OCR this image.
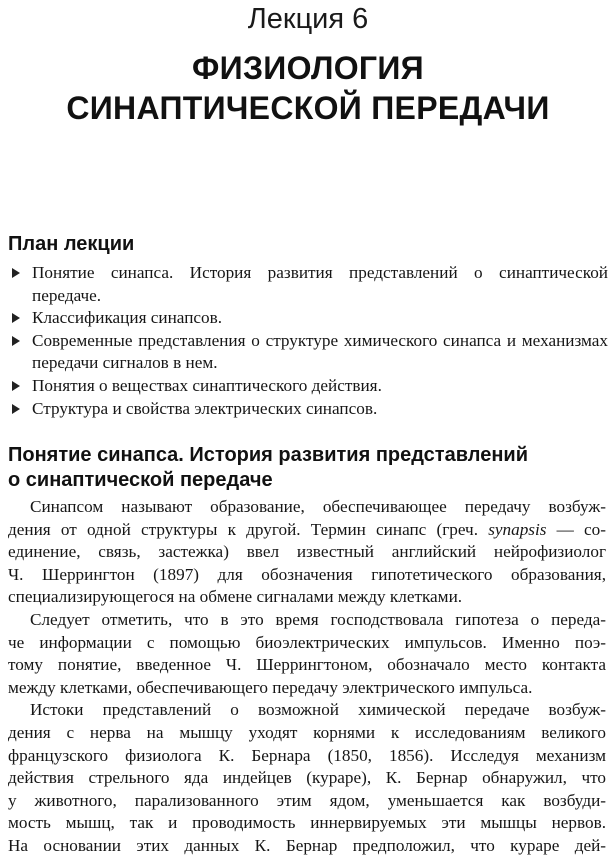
Лекция 6
ФИЗИОЛОГИЯ
СИНАПТИЧЕСКОЙ ПЕРЕДАЧИ
План лекции
Понятие синапса. История развития представлений о синаптической передаче.
Классификация синапсов.
Современные представления о структуре химического синапса и механизмах передачи сигналов в нем.
Понятия о веществах синаптического действия.
Структура и свойства электрических синапсов.
Понятие синапса. История развития представлений
о синаптической передаче
Синапсом называют образование, обеспечивающее передачу возбуж-
дения от одной структуры к другой. Термин синапс (греч. synapsis — со-
единение, связь, застежка) ввел известный английский нейрофизиолог
Ч. Шеррингтон (1897) для обозначения гипотетического образования,
специализирующегося на обмене сигналами между клетками.
Следует отметить, что в это время господствовала гипотеза о переда-
че информации с помощью биоэлектрических импульсов. Именно поэ-
тому понятие, введенное Ч. Шеррингтоном, обозначало место контакта
между клетками, обеспечивающего передачу электрического импульса.
Истоки представлений о возможной химической передаче возбуж-
дения с нерва на мышцу уходят корнями к исследованиям великого
французского физиолога К. Бернара (1850, 1856). Исследуя механизм
действия стрельного яда индейцев (кураре), К. Бернар обнаружил, что
у животного, парализованного этим ядом, уменьшается как возбуди-
мость мышц, так и проводимость иннервируемых эти мышцы нервов.
На основании этих данных К. Бернар предположил, что кураре дей-
